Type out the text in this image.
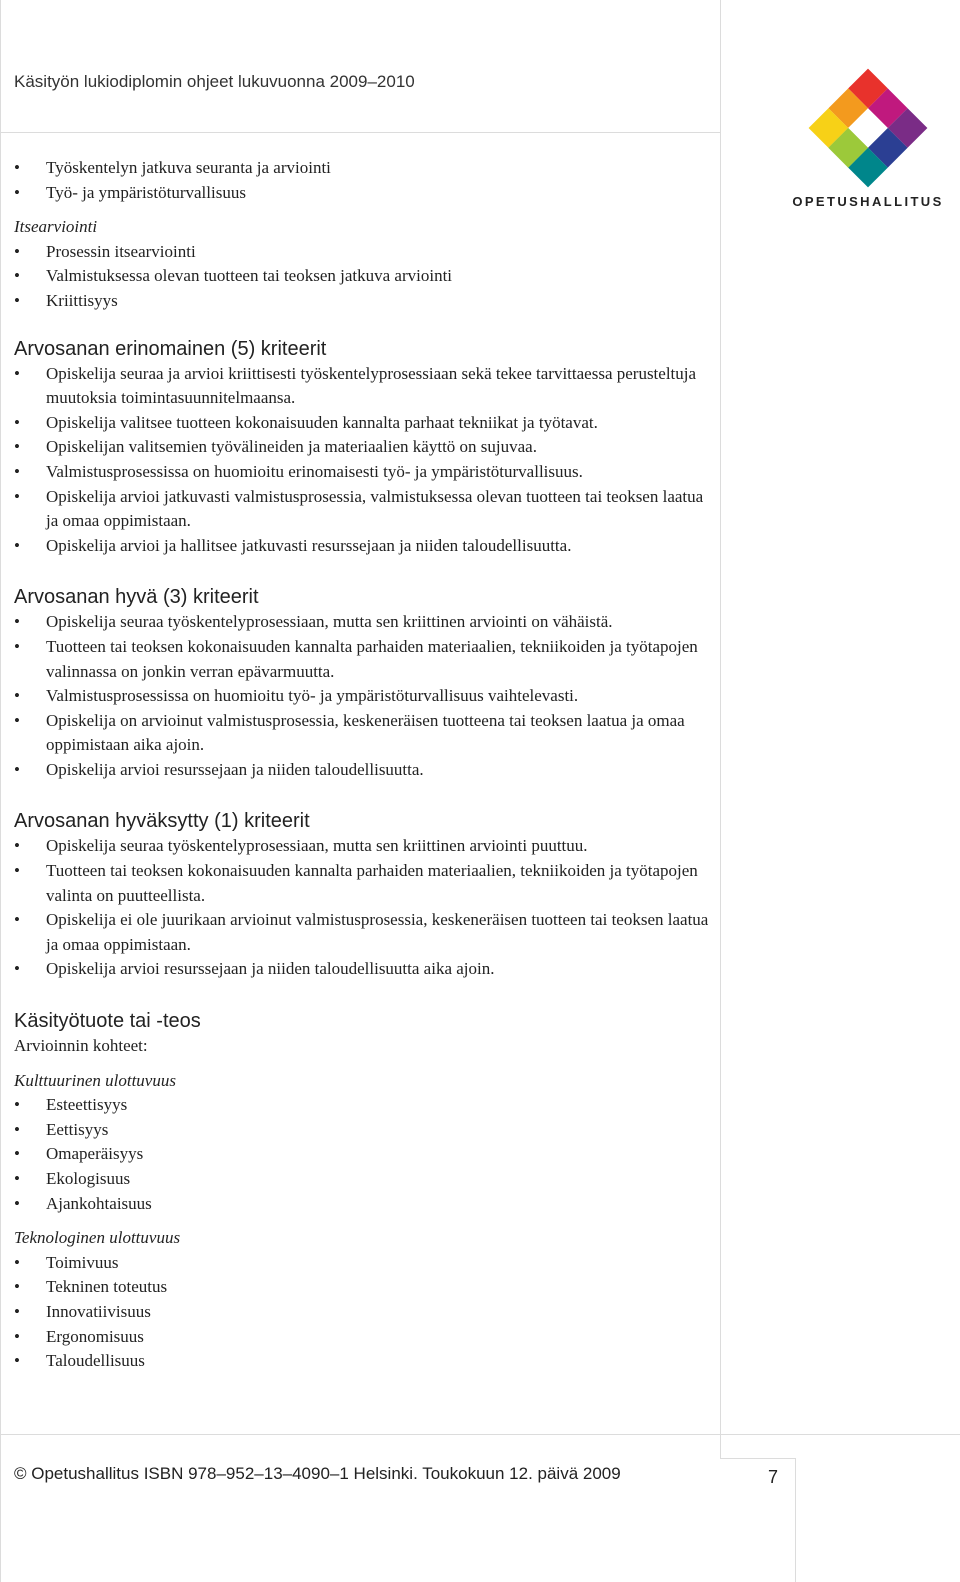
Käsityön lukiodiplomin ohjeet lukuvuonna 2009–2010
OPETUSHALLITUS
• Työskentelyn jatkuva seuranta ja arviointi
• Työ- ja ympäristöturvallisuus
Itsearviointi
• Prosessin itsearviointi
• Valmistuksessa olevan tuotteen tai teoksen jatkuva arviointi
• Kriittisyys
Arvosanan erinomainen (5) kriteerit
• Opiskelija seuraa ja arvioi kriittisesti työskentelyprosessiaan sekä tekee tarvittaessa perusteltuja muutoksia toimintasuunnitelmaansa.
• Opiskelija valitsee tuotteen kokonaisuuden kannalta parhaat tekniikat ja työtavat.
• Opiskelijan valitsemien työvälineiden ja materiaalien käyttö on sujuvaa.
• Valmistusprosessissa on huomioitu erinomaisesti työ- ja ympäristöturvallisuus.
• Opiskelija arvioi jatkuvasti valmistusprosessia, valmistuksessa olevan tuotteen tai teoksen laatua ja omaa oppimistaan.
• Opiskelija arvioi ja hallitsee jatkuvasti resurssejaan ja niiden taloudellisuutta.
Arvosanan hyvä (3) kriteerit
• Opiskelija seuraa työskentelyprosessiaan, mutta sen kriittinen arviointi on vähäistä.
• Tuotteen tai teoksen kokonaisuuden kannalta parhaiden materiaalien, tekniikoiden ja työtapojen valinnassa on jonkin verran epävarmuutta.
• Valmistusprosessissa on huomioitu työ- ja ympäristöturvallisuus vaihtelevasti.
• Opiskelija on arvioinut valmistusprosessia, keskeneräisen tuotteena tai teoksen laatua ja omaa oppimistaan aika ajoin.
• Opiskelija arvioi resurssejaan ja niiden taloudellisuutta.
Arvosanan hyväksytty (1) kriteerit
• Opiskelija seuraa työskentelyprosessiaan, mutta sen kriittinen arviointi puuttuu.
• Tuotteen tai teoksen kokonaisuuden kannalta parhaiden materiaalien, tekniikoiden ja työtapojen valinta on puutteellista.
• Opiskelija ei ole juurikaan arvioinut valmistusprosessia, keskeneräisen tuotteen tai teoksen laatua ja omaa oppimistaan.
• Opiskelija arvioi resurssejaan ja niiden taloudellisuutta aika ajoin.
Käsityötuote tai -teos
Arvioinnin kohteet:
Kulttuurinen ulottuvuus
• Esteettisyys
• Eettisyys
• Omaperäisyys
• Ekologisuus
• Ajankohtaisuus
Teknologinen ulottuvuus
• Toimivuus
• Tekninen toteutus
• Innovatiivisuus
• Ergonomisuus
• Taloudellisuus
© Opetushallitus ISBN 978–952–13–4090–1 Helsinki. Toukokuun 12. päivä 2009	7
